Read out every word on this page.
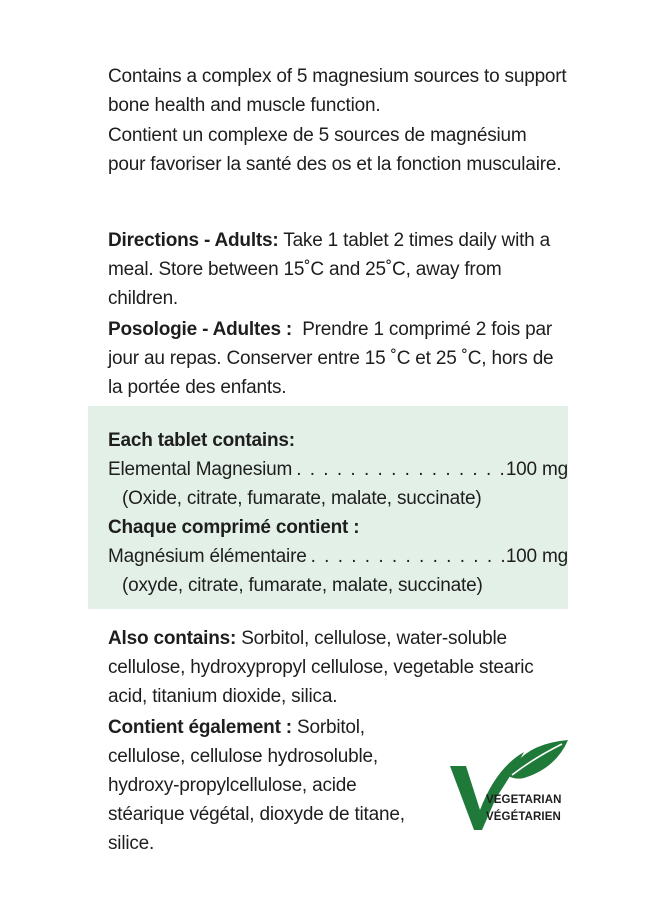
Contains a complex of 5 magnesium sources to support bone health and muscle function.

Contient un complexe de 5 sources de magnésium pour favoriser la santé des os et la fonction musculaire.

Directions - Adults: Take 1 tablet 2 times daily with a meal. Store between 15˚C and 25˚C, away from children.

Posologie - Adultes :  Prendre 1 comprimé 2 fois par jour au repas. Conserver entre 15 ˚C et 25 ˚C, hors de la portée des enfants.

Each tablet contains:
Elemental Magnesium . . .	100 mg
(Oxide, citrate, fumarate, malate, succinate)
Chaque comprimé contient :
Magnésium élémentaire . . .	100 mg
(oxyde, citrate, fumarate, malate, succinate)

Also contains: Sorbitol, cellulose, water-soluble cellulose, hydroxypropyl cellulose, vegetable stearic acid, titanium dioxide, silica.

Contient également : Sorbitol, cellulose, cellulose hydrosoluble, hydroxy-propylcellulose, acide stéarique végétal, dioxyde de titane, silice.

VEGETARIAN
VÉGÉTARIEN
